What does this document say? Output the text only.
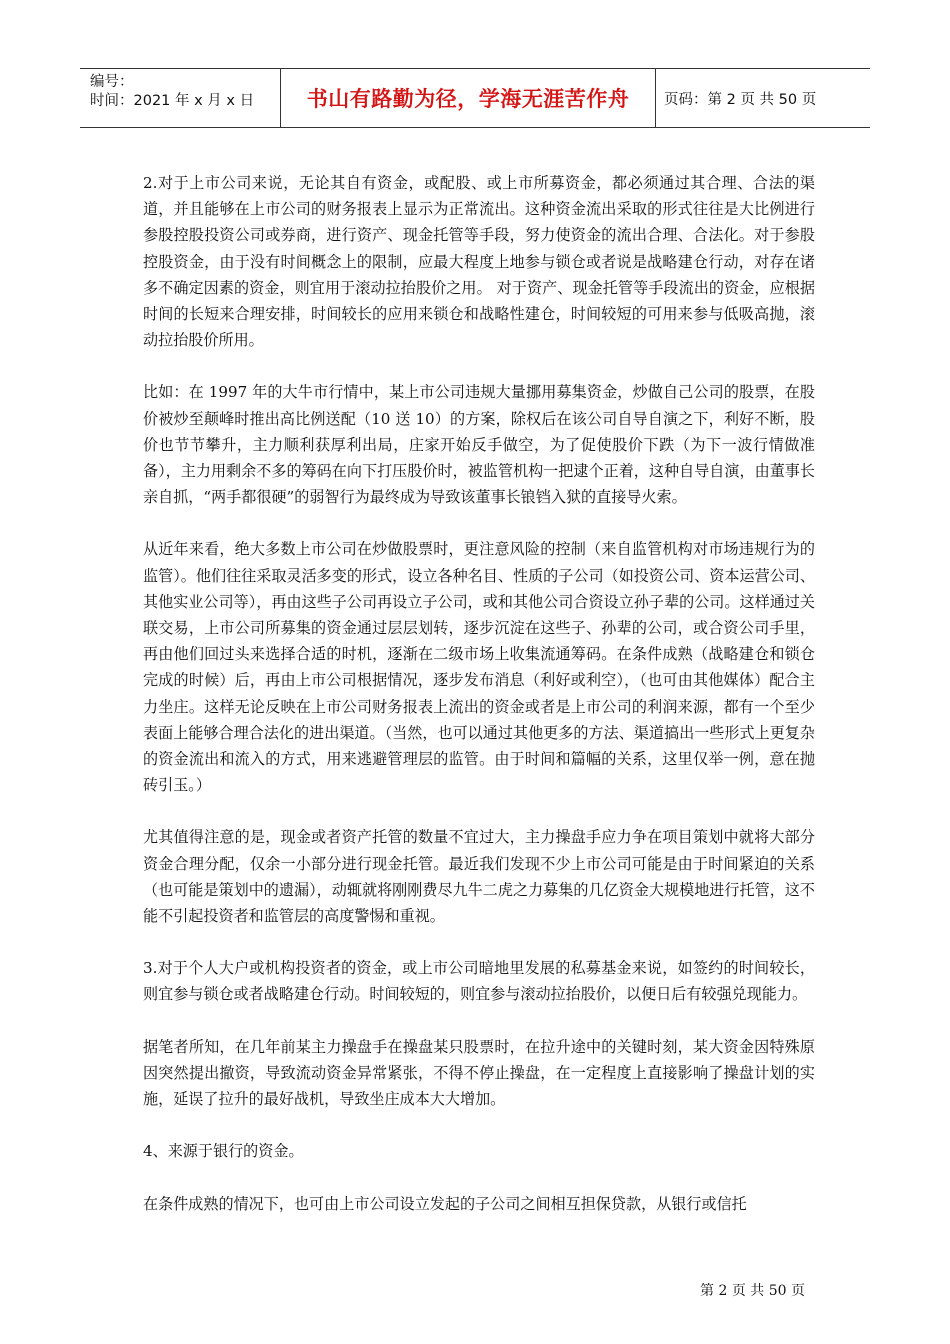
编号：
时间：2021 年 x 月 x 日	书山有路勤为径，学海无涯苦作舟	页码：第 2 页 共 50 页

2.对于上市公司来说，无论其自有资金，或配股、或上市所募资金，都必须通过其合理、合法的渠道，并且能够在上市公司的财务报表上显示为正常流出。这种资金流出采取的形式往往是大比例进行参股控股投资公司或券商，进行资产、现金托管等手段，努力使资金的流出合理、合法化。对于参股控股资金，由于没有时间概念上的限制，应最大程度上地参与锁仓或者说是战略建仓行动，对存在诸多不确定因素的资金，则宜用于滚动拉抬股价之用。 对于资产、现金托管等手段流出的资金，应根据时间的长短来合理安排，时间较长的应用来锁仓和战略性建仓，时间较短的可用来参与低吸高抛，滚动拉抬股价所用。

比如：在 1997 年的大牛市行情中，某上市公司违规大量挪用募集资金，炒做自己公司的股票，在股价被炒至颠峰时推出高比例送配（10 送 10）的方案，除权后在该公司自导自演之下，利好不断，股价也节节攀升，主力顺利获厚利出局，庄家开始反手做空，为了促使股价下跌（为下一波行情做准备），主力用剩余不多的筹码在向下打压股价时，被监管机构一把逮个正着，这种自导自演，由董事长亲自抓，“两手都很硬”的弱智行为最终成为导致该董事长锒铛入狱的直接导火索。

从近年来看，绝大多数上市公司在炒做股票时，更注意风险的控制（来自监管机构对市场违规行为的监管）。他们往往采取灵活多变的形式，设立各种名目、性质的子公司（如投资公司、资本运营公司、其他实业公司等），再由这些子公司再设立子公司，或和其他公司合资设立孙子辈的公司。这样通过关联交易，上市公司所募集的资金通过层层划转，逐步沉淀在这些子、孙辈的公司，或合资公司手里，再由他们回过头来选择合适的时机，逐渐在二级市场上收集流通筹码。在条件成熟（战略建仓和锁仓完成的时候）后，再由上市公司根据情况，逐步发布消息（利好或利空），（也可由其他媒体）配合主力坐庄。这样无论反映在上市公司财务报表上流出的资金或者是上市公司的利润来源，都有一个至少表面上能够合理合法化的进出渠道。（当然，也可以通过其他更多的方法、渠道搞出一些形式上更复杂的资金流出和流入的方式，用来逃避管理层的监管。由于时间和篇幅的关系，这里仅举一例，意在抛砖引玉。）

尤其值得注意的是，现金或者资产托管的数量不宜过大，主力操盘手应力争在项目策划中就将大部分资金合理分配，仅余一小部分进行现金托管。最近我们发现不少上市公司可能是由于时间紧迫的关系（也可能是策划中的遗漏），动辄就将刚刚费尽九牛二虎之力募集的几亿资金大规模地进行托管，这不能不引起投资者和监管层的高度警惕和重视。

3.对于个人大户或机构投资者的资金，或上市公司暗地里发展的私募基金来说，如签约的时间较长，则宜参与锁仓或者战略建仓行动。时间较短的，则宜参与滚动拉抬股价，以便日后有较强兑现能力。

据笔者所知，在几年前某主力操盘手在操盘某只股票时，在拉升途中的关键时刻，某大资金因特殊原因突然提出撤资，导致流动资金异常紧张，不得不停止操盘，在一定程度上直接影响了操盘计划的实施，延误了拉升的最好战机，导致坐庄成本大大增加。

4、来源于银行的资金。

在条件成熟的情况下，也可由上市公司设立发起的子公司之间相互担保贷款，从银行或信托

第 2 页 共 50 页
